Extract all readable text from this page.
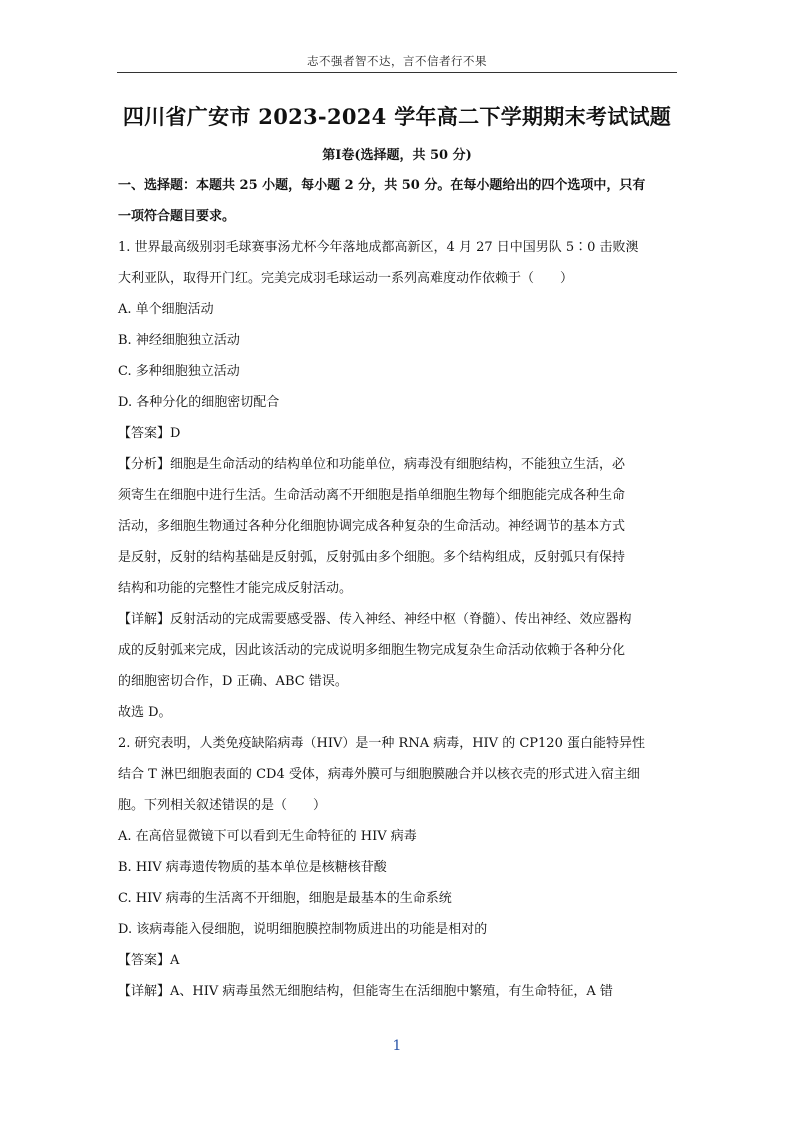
志不强者智不达，言不信者行不果
四川省广安市 2023-2024 学年高二下学期期末考试试题
第I卷(选择题，共 50 分)
一、选择题：本题共 25 小题，每小题 2 分，共 50 分。在每小题给出的四个选项中，只有
一项符合题目要求。
1. 世界最高级别羽毛球赛事汤尤杯今年落地成都高新区，4 月 27 日中国男队 5∶0 击败澳
大利亚队，取得开门红。完美完成羽毛球运动一系列高难度动作依赖于（　　）
A. 单个细胞活动
B. 神经细胞独立活动
C. 多种细胞独立活动
D. 各种分化的细胞密切配合
【答案】D
【分析】细胞是生命活动的结构单位和功能单位，病毒没有细胞结构，不能独立生活，必
须寄生在细胞中进行生活。生命活动离不开细胞是指单细胞生物每个细胞能完成各种生命
活动，多细胞生物通过各种分化细胞协调完成各种复杂的生命活动。神经调节的基本方式
是反射，反射的结构基础是反射弧，反射弧由多个细胞。多个结构组成，反射弧只有保持
结构和功能的完整性才能完成反射活动。
【详解】反射活动的完成需要感受器、传入神经、神经中枢（脊髓）、传出神经、效应器构
成的反射弧来完成，因此该活动的完成说明多细胞生物完成复杂生命活动依赖于各种分化
的细胞密切合作，D 正确、ABC 错误。
故选 D。
2. 研究表明，人类免疫缺陷病毒（HIV）是一种 RNA 病毒，HIV 的 CP120 蛋白能特异性
结合 T 淋巴细胞表面的 CD4 受体，病毒外膜可与细胞膜融合并以核衣壳的形式进入宿主细
胞。下列相关叙述错误的是（　　）
A. 在高倍显微镜下可以看到无生命特征的 HIV 病毒
B. HIV 病毒遗传物质的基本单位是核糖核苷酸
C. HIV 病毒的生活离不开细胞，细胞是最基本的生命系统
D. 该病毒能入侵细胞，说明细胞膜控制物质进出的功能是相对的
【答案】A
【详解】A、HIV 病毒虽然无细胞结构，但能寄生在活细胞中繁殖，有生命特征，A 错
1
